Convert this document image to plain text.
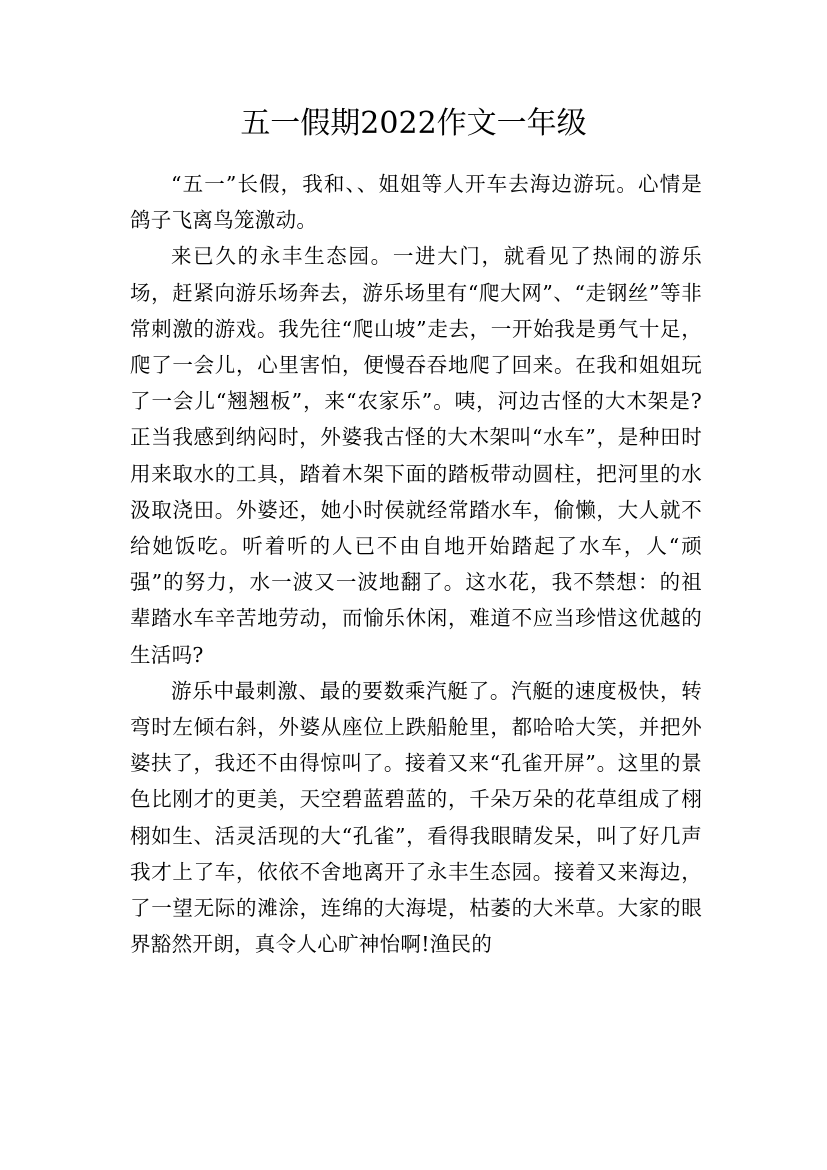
五一假期2022作文一年级

“五一”长假，我和、、姐姐等人开车去海边游玩。心情是鸽子飞离鸟笼激动。

来已久的永丰生态园。一进大门，就看见了热闹的游乐场，赶紧向游乐场奔去，游乐场里有“爬大网”、“走钢丝”等非常刺激的游戏。我先往“爬山坡”走去，一开始我是勇气十足，爬了一会儿，心里害怕，便慢吞吞地爬了回来。在我和姐姐玩了一会儿“翘翘板”，来“农家乐”。咦，河边古怪的大木架是?正当我感到纳闷时，外婆我古怪的大木架叫“水车”，是种田时用来取水的工具，踏着木架下面的踏板带动圆柱，把河里的水汲取浇田。外婆还，她小时侯就经常踏水车，偷懒，大人就不给她饭吃。听着听的人已不由自地开始踏起了水车，人“顽强”的努力，水一波又一波地翻了。这水花，我不禁想：的祖辈踏水车辛苦地劳动，而愉乐休闲，难道不应当珍惜这优越的生活吗?

游乐中最刺激、最的要数乘汽艇了。汽艇的速度极快，转弯时左倾右斜，外婆从座位上跌船舱里，都哈哈大笑，并把外婆扶了，我还不由得惊叫了。接着又来“孔雀开屏”。这里的景色比刚才的更美，天空碧蓝碧蓝的，千朵万朵的花草组成了栩栩如生、活灵活现的大“孔雀”，看得我眼睛发呆，叫了好几声我才上了车，依依不舍地离开了永丰生态园。接着又来海边，了一望无际的滩涂，连绵的大海堤，枯萎的大米草。大家的眼界豁然开朗，真令人心旷神怡啊!渔民的
